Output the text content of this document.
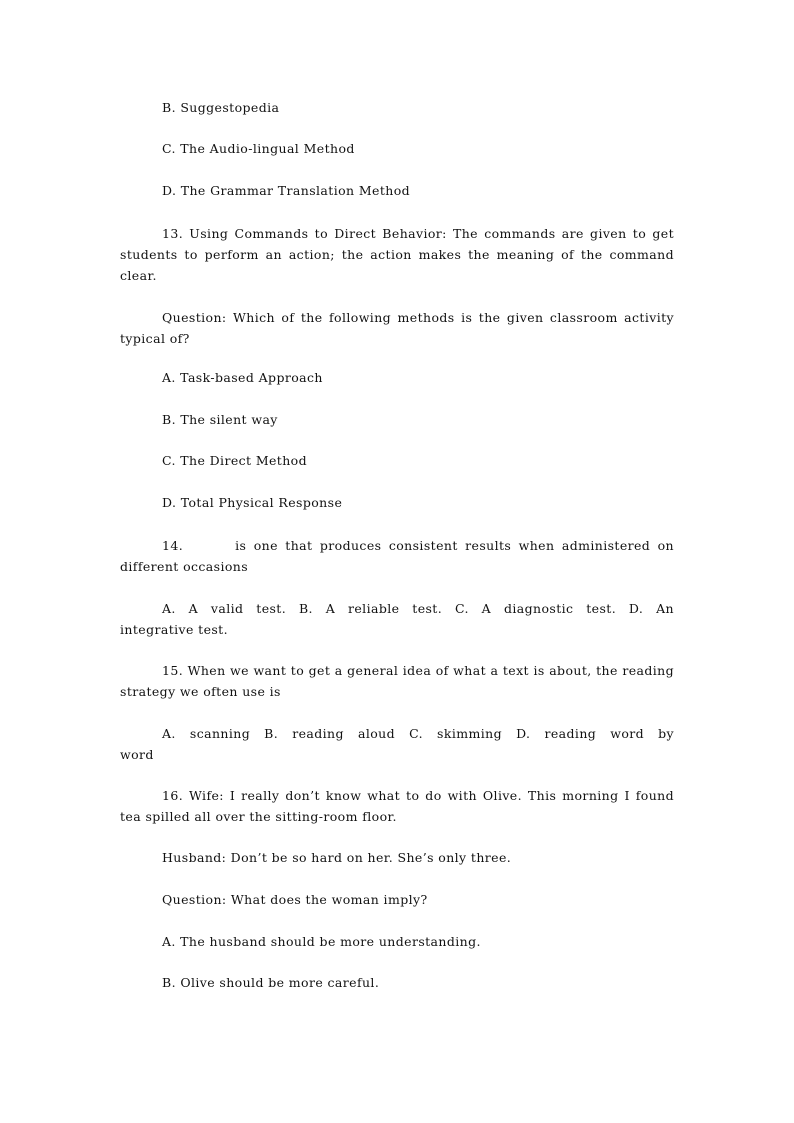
B. Suggestopedia

C. The Audio-lingual Method

D. The Grammar Translation Method

13. Using Commands to Direct Behavior: The commands are given to get students to perform an action; the action makes the meaning of the command clear.

Question: Which of the following methods is the given classroom activity typical of?

A. Task-based Approach

B. The silent way

C. The Direct Method

D. Total Physical Response

14.	is one that produces consistent results when administered on different occasions

A. A valid test. B. A reliable test. C. A diagnostic test. D. An

integrative test.

15. When we want to get a general idea of what a text is about, the reading strategy we often use is

A. scanning B. reading aloud C. skimming D. reading word by

word

16. Wife: I really don’t know what to do with Olive. This morning I found tea spilled all over the sitting-room floor.

Husband: Don’t be so hard on her. She’s only three.

Question: What does the woman imply?

A. The husband should be more understanding.

B. Olive should be more careful.
